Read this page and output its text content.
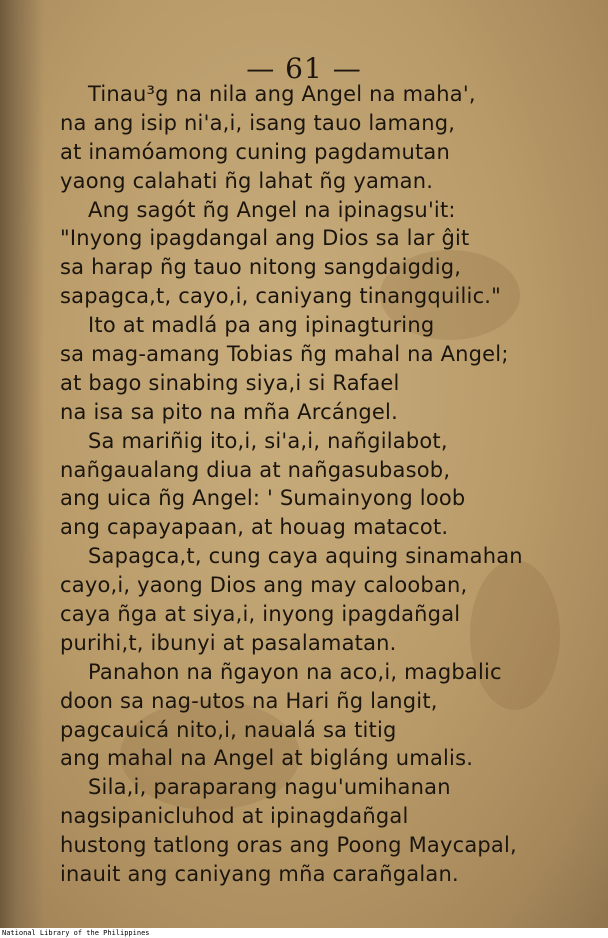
— 61 —
Tinau³g na nila ang Angel na maha',
na ang isip ni'a,i, isang tauo lamang,
at inamóamong cuning pagdamutan
yaong calahati ñg lahat ñg yaman.
Ang sagót ñg Angel na ipinagsu'it:
"Inyong ipagdangal ang Dios sa lar ĝit
sa harap ñg tauo nitong sangdaigdig,
sapagca,t, cayo,i, caniyang tinangquilic."
Ito at madlá pa ang ipinagturing
sa mag-amang Tobias ñg mahal na Angel;
at bago sinabing siya,i si Rafael
na isa sa pito na mña Arcángel.
Sa mariñig ito,i, si'a,i, nañgilabot,
nañgaualang diua at nañgasubasob,
ang uica ñg Angel: ' Sumainyong loob
ang capayapaan, at houag matacot.
Sapagca,t, cung caya aquing sinamahan
cayo,i, yaong Dios ang may calooban,
caya ñga at siya,i, inyong ipagdañgal
purihi,t, ibunyi at pasalamatan.
Panahon na ñgayon na aco,i, magbalic
doon sa nag-utos na Hari ñg langit,
pagcauicá nito,i, naualá sa titig
ang mahal na Angel at bigláng umalis.
Sila,i, paraparang nagu'umihanan
nagsipanicluhod at ipinagdañgal
hustong tatlong oras ang Poong Maycapal,
inauit ang caniyang mña carañgalan.
National Library of the Philippines
